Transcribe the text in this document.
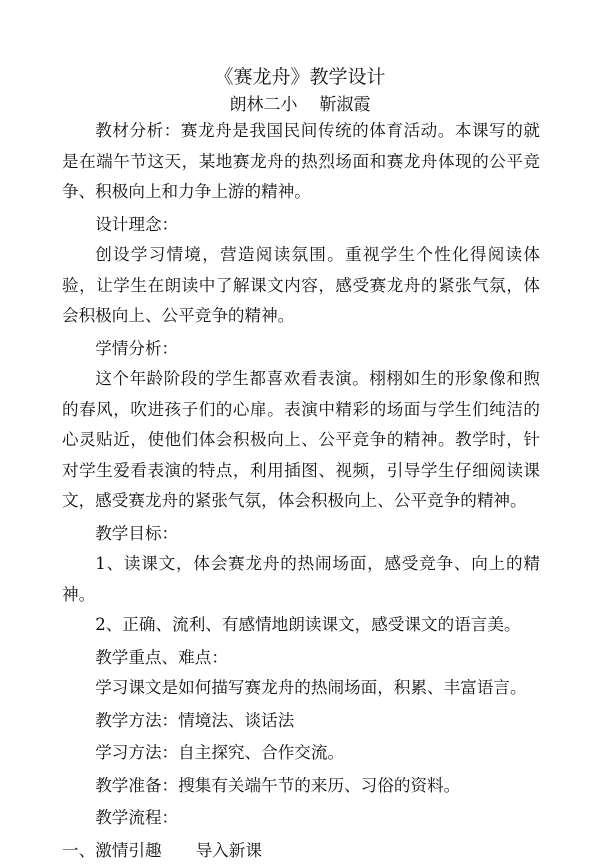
《赛龙舟》教学设计
朗林二小 靳淑霞

教材分析：赛龙舟是我国民间传统的体育活动。本课写的就是在端午节这天，某地赛龙舟的热烈场面和赛龙舟体现的公平竞争、积极向上和力争上游的精神。

设计理念：

创设学习情境，营造阅读氛围。重视学生个性化得阅读体验，让学生在朗读中了解课文内容，感受赛龙舟的紧张气氛，体会积极向上、公平竞争的精神。

学情分析：

这个年龄阶段的学生都喜欢看表演。栩栩如生的形象像和煦的春风，吹进孩子们的心扉。表演中精彩的场面与学生们纯洁的心灵贴近，使他们体会积极向上、公平竞争的精神。教学时，针对学生爱看表演的特点，利用插图、视频，引导学生仔细阅读课文，感受赛龙舟的紧张气氛，体会积极向上、公平竞争的精神。

教学目标：

1、读课文，体会赛龙舟的热闹场面，感受竞争、向上的精神。

2、正确、流利、有感情地朗读课文，感受课文的语言美。

教学重点、难点：

学习课文是如何描写赛龙舟的热闹场面，积累、丰富语言。

教学方法：情境法、谈话法

学习方法：自主探究、合作交流。

教学准备：搜集有关端午节的来历、习俗的资料。

教学流程：

一、激情引趣 导入新课
